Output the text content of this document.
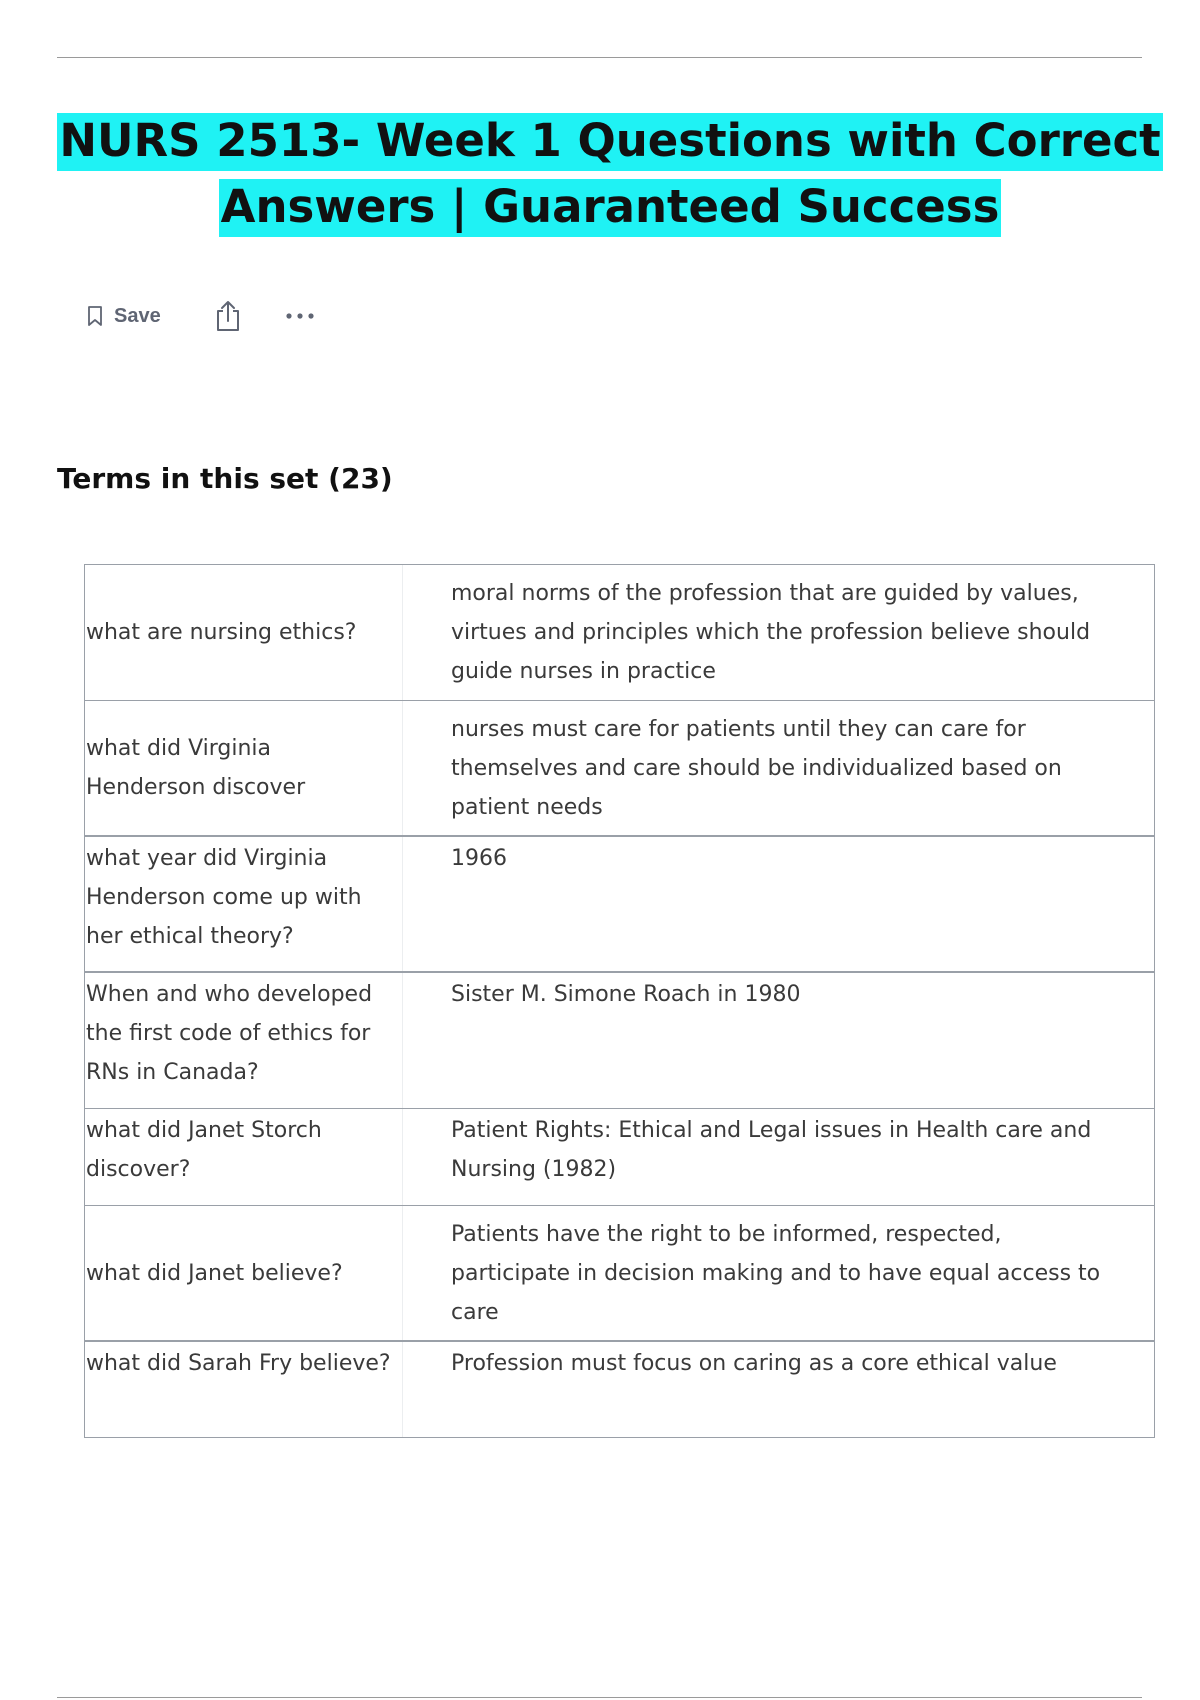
NURS 2513- Week 1 Questions with Correct
Answers | Guaranteed Success
Save
Terms in this set (23)
what are nursing ethics?
moral norms of the profession that are guided by values, virtues and principles which the profession believe should guide nurses in practice
what did Virginia Henderson discover
nurses must care for patients until they can care for themselves and care should be individualized based on patient needs
what year did Virginia Henderson come up with her ethical theory?
1966
When and who developed the first code of ethics for RNs in Canada?
Sister M. Simone Roach in 1980
what did Janet Storch discover?
Patient Rights: Ethical and Legal issues in Health care and Nursing (1982)
what did Janet believe?
Patients have the right to be informed, respected, participate in decision making and to have equal access to care
what did Sarah Fry believe?	Profession must focus on caring as a core ethical value
